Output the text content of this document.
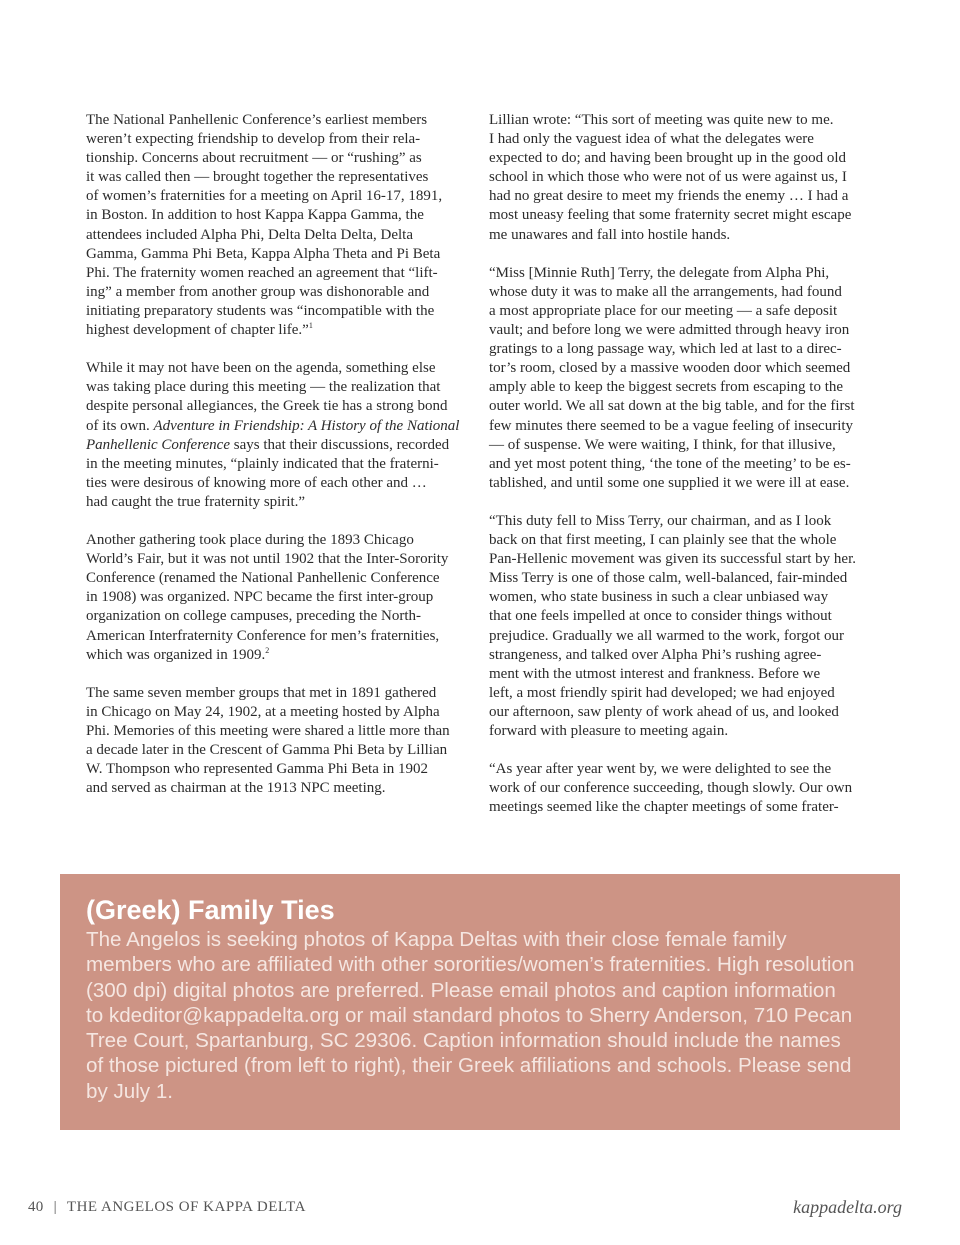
The National Panhellenic Conference’s earliest members
weren’t expecting friendship to develop from their rela-
tionship. Concerns about recruitment — or “rushing” as
it was called then — brought together the representatives
of women’s fraternities for a meeting on April 16-17, 1891,
in Boston. In addition to host Kappa Kappa Gamma, the
attendees included Alpha Phi, Delta Delta Delta, Delta
Gamma, Gamma Phi Beta, Kappa Alpha Theta and Pi Beta
Phi. The fraternity women reached an agreement that “lift-
ing” a member from another group was dishonorable and
initiating preparatory students was “incompatible with the
highest development of chapter life.”$^1$

While it may not have been on the agenda, something else
was taking place during this meeting — the realization that
despite personal allegiances, the Greek tie has a strong bond
of its own. Adventure in Friendship: A History of the National
Panhellenic Conference says that their discussions, recorded
in the meeting minutes, “plainly indicated that the fraterni-
ties were desirous of knowing more of each other and …
had caught the true fraternity spirit.”

Another gathering took place during the 1893 Chicago
World’s Fair, but it was not until 1902 that the Inter-Sorority
Conference (renamed the National Panhellenic Conference
in 1908) was organized. NPC became the first inter-group
organization on college campuses, preceding the North-
American Interfraternity Conference for men’s fraternities,
which was organized in 1909.$^2$

The same seven member groups that met in 1891 gathered
in Chicago on May 24, 1902, at a meeting hosted by Alpha
Phi. Memories of this meeting were shared a little more than
a decade later in the Crescent of Gamma Phi Beta by Lillian
W. Thompson who represented Gamma Phi Beta in 1902
and served as chairman at the 1913 NPC meeting.

Lillian wrote: “This sort of meeting was quite new to me.
I had only the vaguest idea of what the delegates were
expected to do; and having been brought up in the good old
school in which those who were not of us were against us, I
had no great desire to meet my friends the enemy … I had a
most uneasy feeling that some fraternity secret might escape
me unawares and fall into hostile hands.

“Miss [Minnie Ruth] Terry, the delegate from Alpha Phi,
whose duty it was to make all the arrangements, had found
a most appropriate place for our meeting — a safe deposit
vault; and before long we were admitted through heavy iron
gratings to a long passage way, which led at last to a direc-
tor’s room, closed by a massive wooden door which seemed
amply able to keep the biggest secrets from escaping to the
outer world. We all sat down at the big table, and for the first
few minutes there seemed to be a vague feeling of insecurity
— of suspense. We were waiting, I think, for that illusive,
and yet most potent thing, ‘the tone of the meeting’ to be es-
tablished, and until some one supplied it we were ill at ease.

“This duty fell to Miss Terry, our chairman, and as I look
back on that first meeting, I can plainly see that the whole
Pan-Hellenic movement was given its successful start by her.
Miss Terry is one of those calm, well-balanced, fair-minded
women, who state business in such a clear unbiased way
that one feels impelled at once to consider things without
prejudice. Gradually we all warmed to the work, forgot our
strangeness, and talked over Alpha Phi’s rushing agree-
ment with the utmost interest and frankness. Before we
left, a most friendly spirit had developed; we had enjoyed
our afternoon, saw plenty of work ahead of us, and looked
forward with pleasure to meeting again.

“As year after year went by, we were delighted to see the
work of our conference succeeding, though slowly. Our own
meetings seemed like the chapter meetings of some frater-

(Greek) Family Ties
The Angelos is seeking photos of Kappa Deltas with their close female family
members who are affiliated with other sororities/women’s fraternities. High resolution
(300 dpi) digital photos are preferred. Please email photos and caption information
to kdeditor@kappadelta.org or mail standard photos to Sherry Anderson, 710 Pecan
Tree Court, Spartanburg, SC 29306. Caption information should include the names
of those pictured (from left to right), their Greek affiliations and schools. Please send
by July 1.
40 | THE ANGELOS OF KAPPA DELTA	kappadelta.org
